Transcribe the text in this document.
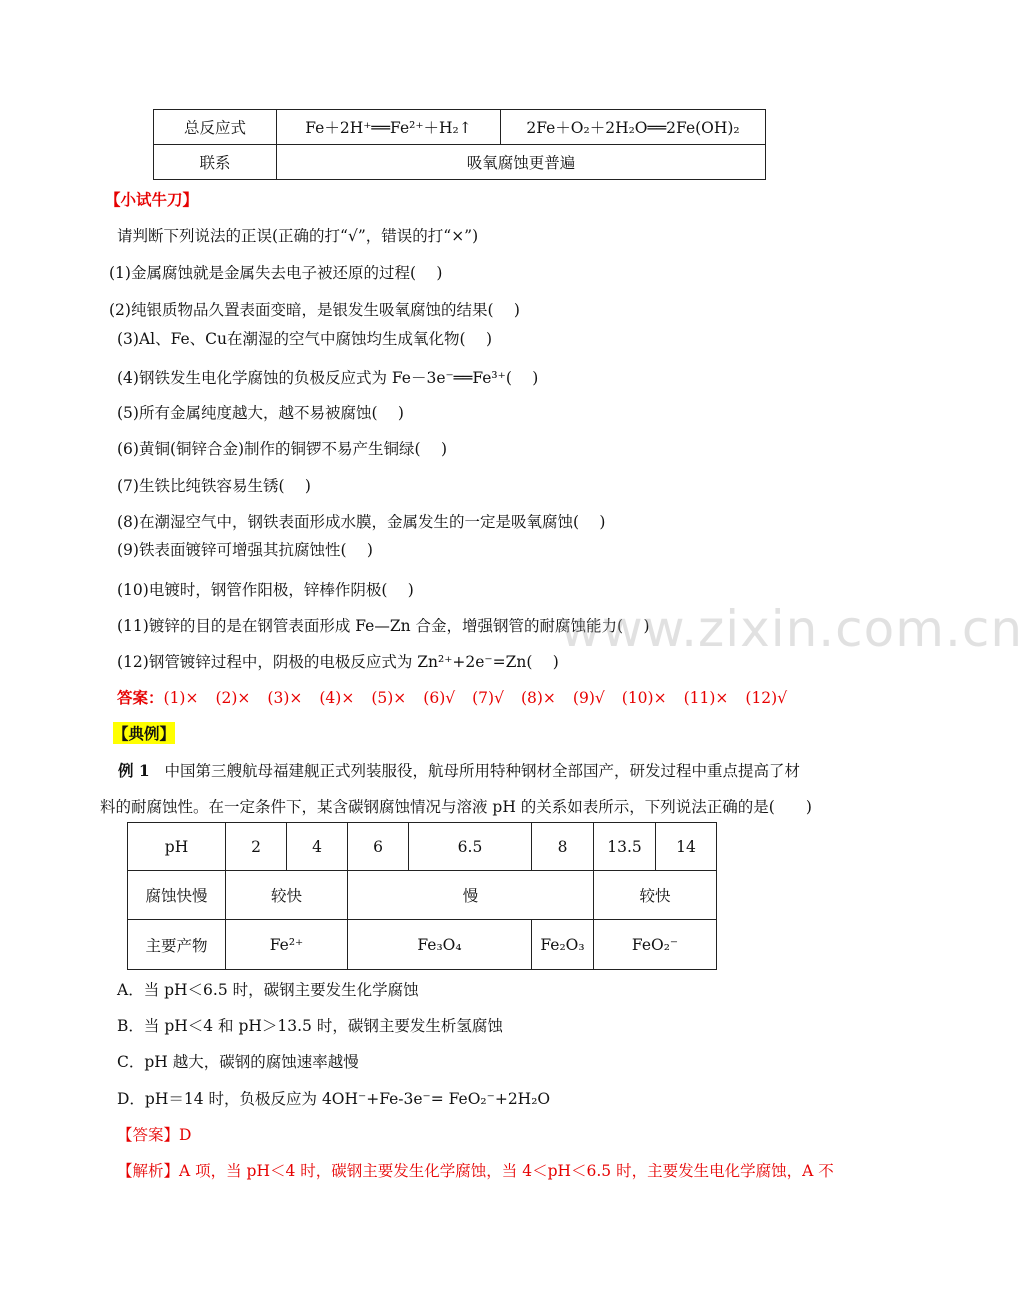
总反应式	Fe＋2H⁺══Fe²⁺＋H₂↑	2Fe＋O₂＋2H₂O══2Fe(OH)₂
联系	吸氧腐蚀更普遍	
【小试牛刀】
请判断下列说法的正误(正确的打“√”，错误的打“×”)
(1)金属腐蚀就是金属失去电子被还原的过程(　 )
(2)纯银质物品久置表面变暗，是银发生吸氧腐蚀的结果(　 )
(3)Al、Fe、Cu在潮湿的空气中腐蚀均生成氧化物(　 )
(4)钢铁发生电化学腐蚀的负极反应式为 Fe－3e⁻══Fe³⁺(　 )
(5)所有金属纯度越大，越不易被腐蚀(　 )
(6)黄铜(铜锌合金)制作的铜锣不易产生铜绿(　 )
(7)生铁比纯铁容易生锈(　 )
(8)在潮湿空气中，钢铁表面形成水膜，金属发生的一定是吸氧腐蚀(　 )
(9)铁表面镀锌可增强其抗腐蚀性(　 )
(10)电镀时，钢管作阳极，锌棒作阴极(　 )
(11)镀锌的目的是在钢管表面形成 Fe—Zn 合金，增强钢管的耐腐蚀能力(　 )
(12)钢管镀锌过程中，阴极的电极反应式为 Zn²⁺+2e⁻=Zn(　 )
答案：(1)× (2)× (3)× (4)× (5)× (6)√ (7)√ (8)× (9)√ (10)× (11)× (12)√
【典例】
例 1 中国第三艘航母福建舰正式列装服役，航母所用特种钢材全部国产，研发过程中重点提高了材
料的耐腐蚀性。在一定条件下，某含碳钢腐蚀情况与溶液 pH 的关系如表所示，下列说法正确的是(　　)
pH	2	4	6	6.5	8	13.5	14
腐蚀快慢	较快		慢			较快	
主要产物	Fe²⁺		Fe₃O₄		Fe₂O₃	FeO₂⁻	
A．当 pH＜6.5 时，碳钢主要发生化学腐蚀
B．当 pH＜4 和 pH＞13.5 时，碳钢主要发生析氢腐蚀
C．pH 越大，碳钢的腐蚀速率越慢
D．pH＝14 时，负极反应为 4OH⁻+Fe-3e⁻= FeO₂⁻+2H₂O
【答案】D
【解析】A 项，当 pH＜4 时，碳钢主要发生化学腐蚀，当 4＜pH＜6.5 时，主要发生电化学腐蚀，A 不
www.zixin.com.cn
